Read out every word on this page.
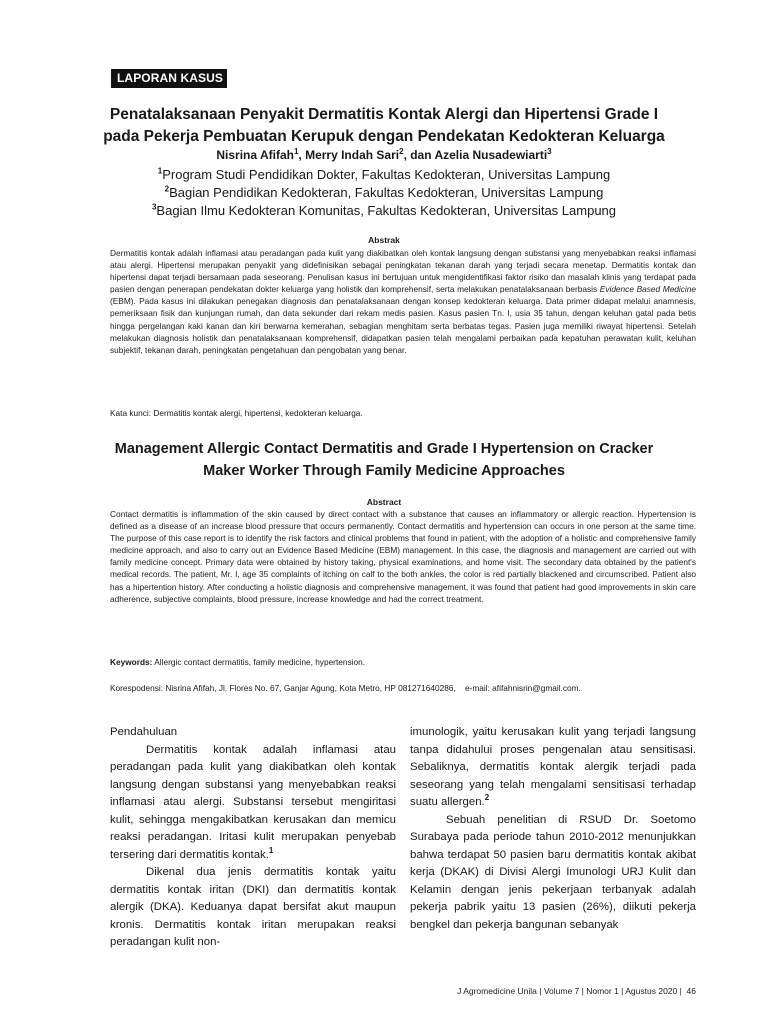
LAPORAN KASUS
Penatalaksanaan Penyakit Dermatitis Kontak Alergi dan Hipertensi Grade I pada Pekerja Pembuatan Kerupuk dengan Pendekatan Kedokteran Keluarga
Nisrina Afifah$^1$, Merry Indah Sari$^2$, dan Azelia Nusadewiarti$^3$
$^1$Program Studi Pendidikan Dokter, Fakultas Kedokteran, Universitas Lampung
$^2$Bagian Pendidikan Kedokteran, Fakultas Kedokteran, Universitas Lampung
$^3$Bagian Ilmu Kedokteran Komunitas, Fakultas Kedokteran, Universitas Lampung
Abstrak
Dermatitis kontak adalah inflamasi atau peradangan pada kulit yang diakibatkan oleh kontak langsung dengan substansi yang menyebabkan reaksi inflamasi atau alergi. Hipertensi merupakan penyakit yang didefinisikan sebagai peningkatan tekanan darah yang terjadi secara menetap. Dermatitis kontak dan hipertensi dapat terjadi bersamaan pada seseorang. Penulisan kasus ini bertujuan untuk mengidentifikasi faktor risiko dan masalah klinis yang terdapat pada pasien dengan penerapan pendekatan dokter keluarga yang holistik dan komprehensif, serta melakukan penatalaksanaan berbasis Evidence Based Medicine (EBM). Pada kasus ini dilakukan penegakan diagnosis dan penatalaksanaan dengan konsep kedokteran keluarga. Data primer didapat melalui anamnesis, pemeriksaan fisik dan kunjungan rumah, dan data sekunder dari rekam medis pasien. Kasus pasien Tn. I, usia 35 tahun, dengan keluhan gatal pada betis hingga pergelangan kaki kanan dan kiri berwarna kemerahan, sebagian menghitam serta berbatas tegas. Pasien juga memiliki riwayat hipertensi. Setelah melakukan diagnosis holistik dan penatalaksanaan komprehensif, didapatkan pasien telah mengalami perbaikan pada kepatuhan perawatan kulit, keluhan subjektif, tekanan darah, peningkatan pengetahuan dan pengobatan yang benar.
Kata kunci: Dermatitis kontak alergi, hipertensi, kedokteran keluarga.
Management Allergic Contact Dermatitis and Grade I Hypertension on Cracker Maker Worker Through Family Medicine Approaches
Abstract
Contact dermatitis is inflammation of the skin caused by direct contact with a substance that causes an inflammatory or allergic reaction. Hypertension is defined as a disease of an increase blood pressure that occurs permanently. Contact dermatitis and hypertension can occurs in one person at the same time. The purpose of this case report is to identify the risk factors and clinical problems that found in patient, with the adoption of a holistic and comprehensive family medicine approach, and also to carry out an Evidence Based Medicine (EBM) management. In this case, the diagnosis and management are carried out with family medicine concept. Primary data were obtained by history taking, physical examinations, and home visit. The secondary data obtained by the patient's medical records. The patient, Mr. I, age 35 complaints of itching on calf to the both ankles, the color is red partially blackened and circumscribed. Patient also has a hipertention history. After conducting a holistic diagnosis and comprehensive management, it was found that patient had good improvements in skin care adherence, subjective complaints, blood pressure, increase knowledge and had the correct treatment.
Keywords: Allergic contact dermatitis, family medicine, hypertension.
Korespodensi: Nisrina Afifah, Jl. Flores No. 67, Ganjar Agung, Kota Metro, HP 081271640286,    e-mail: afifahnisrin@gmail.com.

Pendahuluan

Dermatitis kontak adalah inflamasi atau peradangan pada kulit yang diakibatkan oleh kontak langsung dengan substansi yang menyebabkan reaksi inflamasi atau alergi. Substansi tersebut mengiritasi kulit, sehingga mengakibatkan kerusakan dan memicu reaksi peradangan. Iritasi kulit merupakan penyebab tersering dari dermatitis kontak.$^1$

Dikenal dua jenis dermatitis kontak yaitu dermatitis kontak iritan (DKI) dan dermatitis kontak alergik (DKA). Keduanya dapat bersifat akut maupun kronis. Dermatitis kontak iritan merupakan reaksi peradangan kulit non-

imunologik, yaitu kerusakan kulit yang terjadi langsung tanpa didahului proses pengenalan atau sensitisasi. Sebaliknya, dermatitis kontak alergik terjadi pada seseorang yang telah mengalami sensitisasi terhadap suatu allergen.$^2$

Sebuah penelitian di RSUD Dr. Soetomo Surabaya pada periode tahun 2010-2012 menunjukkan bahwa terdapat 50 pasien baru dermatitis kontak akibat kerja (DKAK) di Divisi Alergi Imunologi URJ Kulit dan Kelamin dengan jenis pekerjaan terbanyak adalah pekerja pabrik yaitu 13 pasien (26%), diikuti pekerja bengkel dan pekerja bangunan sebanyak

J Agromedicine Unila | Volume 7 | Nomor 1 | Agustus 2020 |  46
